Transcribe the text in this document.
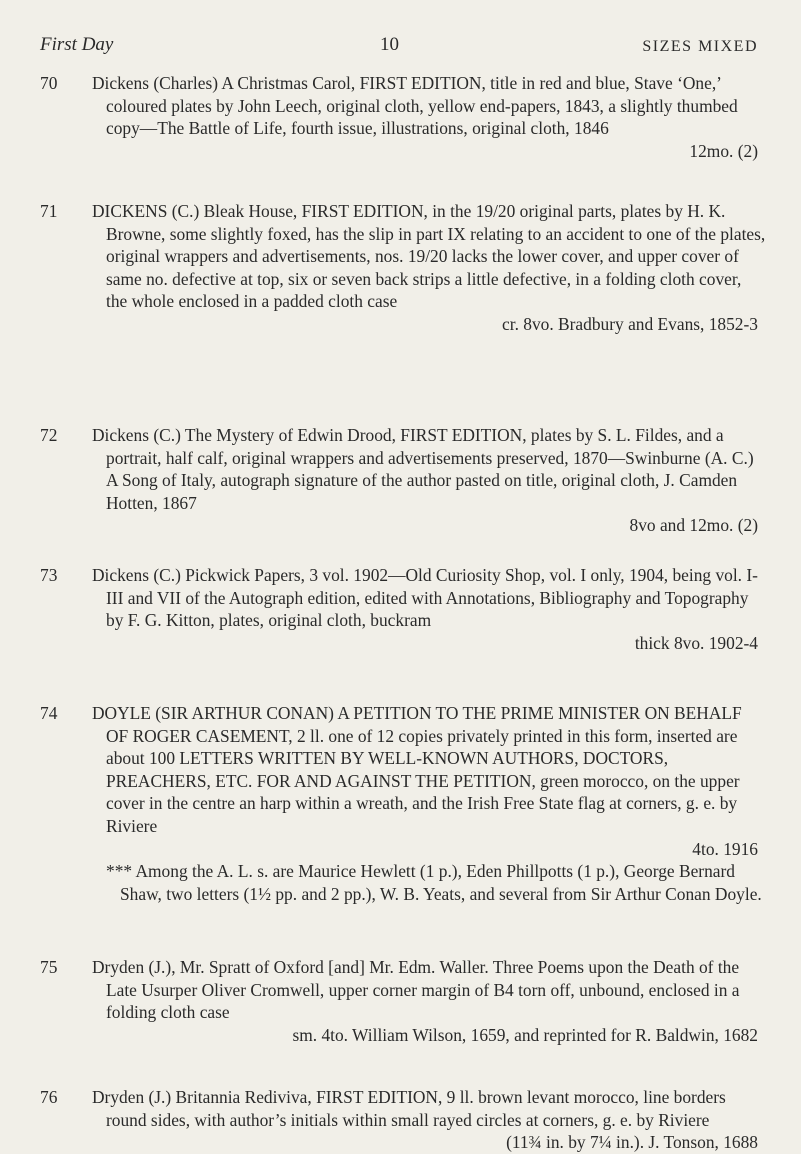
First Day	10	SIZES MIXED
70 Dickens (Charles) A Christmas Carol, FIRST EDITION, title in red and blue, Stave ‘One,’ coloured plates by John Leech, original cloth, yellow end-papers, 1843, a slightly thumbed copy—The Battle of Life, fourth issue, illustrations, original cloth, 1846
12mo. (2)
71 DICKENS (C.) Bleak House, FIRST EDITION, in the 19/20 original parts, plates by H. K. Browne, some slightly foxed, has the slip in part IX relating to an accident to one of the plates, original wrappers and advertisements, nos. 19/20 lacks the lower cover, and upper cover of same no. defective at top, six or seven back strips a little defective, in a folding cloth cover, the whole enclosed in a padded cloth case
cr. 8vo. Bradbury and Evans, 1852-3
72 Dickens (C.) The Mystery of Edwin Drood, FIRST EDITION, plates by S. L. Fildes, and a portrait, half calf, original wrappers and advertisements preserved, 1870—Swinburne (A. C.) A Song of Italy, autograph signature of the author pasted on title, original cloth, J. Camden Hotten, 1867
8vo and 12mo. (2)
73 Dickens (C.) Pickwick Papers, 3 vol. 1902—Old Curiosity Shop, vol. I only, 1904, being vol. I-III and VII of the Autograph edition, edited with Annotations, Bibliography and Topography by F. G. Kitton, plates, original cloth, buckram
thick 8vo. 1902-4
74 DOYLE (SIR ARTHUR CONAN) A PETITION TO THE PRIME MINISTER ON BEHALF OF ROGER CASEMENT, 2 ll. one of 12 copies privately printed in this form, inserted are about 100 LETTERS WRITTEN BY WELL-KNOWN AUTHORS, DOCTORS, PREACHERS, ETC. FOR AND AGAINST THE PETITION, green morocco, on the upper cover in the centre an harp within a wreath, and the Irish Free State flag at corners, g. e. by Riviere
4to. 1916
*** Among the A. L. s. are Maurice Hewlett (1 p.), Eden Phillpotts (1 p.), George Bernard Shaw, two letters (1½ pp. and 2 pp.), W. B. Yeats, and several from Sir Arthur Conan Doyle.
75 Dryden (J.), Mr. Spratt of Oxford [and] Mr. Edm. Waller. Three Poems upon the Death of the Late Usurper Oliver Cromwell, upper corner margin of B4 torn off, unbound, enclosed in a folding cloth case
sm. 4to. William Wilson, 1659, and reprinted for R. Baldwin, 1682
76 Dryden (J.) Britannia Rediviva, FIRST EDITION, 9 ll. brown levant morocco, line borders round sides, with author’s initials within small rayed circles at corners, g. e. by Riviere
(11¾ in. by 7¼ in.). J. Tonson, 1688
